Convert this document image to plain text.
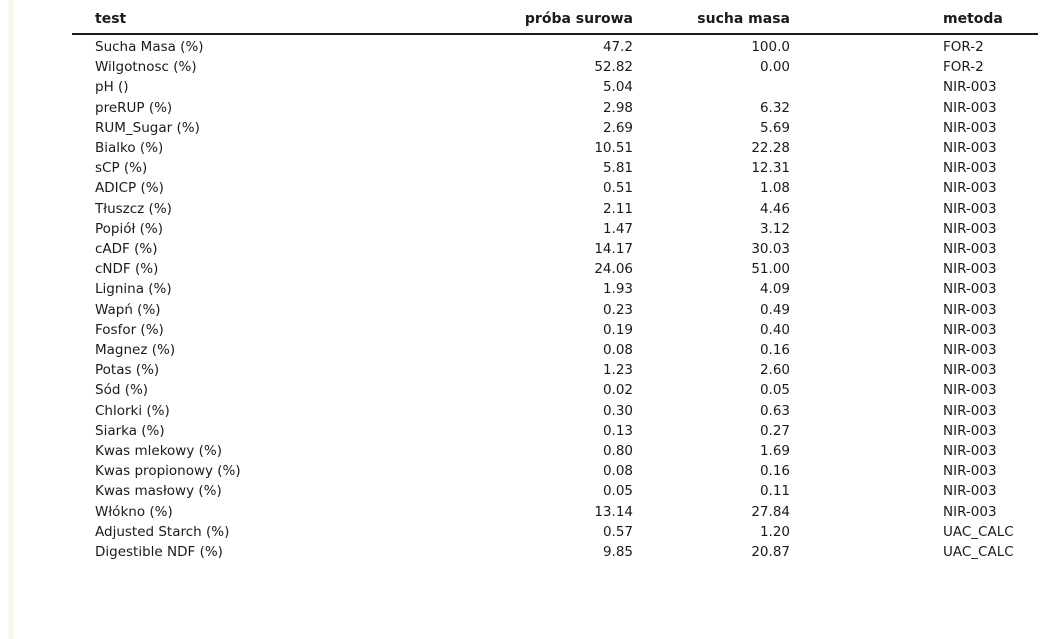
test	próba surowa	sucha masa	metoda
Sucha Masa (%)	47.2	100.0	FOR-2
Wilgotnosc (%)	52.82	0.00	FOR-2
pH ()	5.04		NIR-003
preRUP (%)	2.98	6.32	NIR-003
RUM_Sugar (%)	2.69	5.69	NIR-003
Bialko (%)	10.51	22.28	NIR-003
sCP (%)	5.81	12.31	NIR-003
ADICP (%)	0.51	1.08	NIR-003
Tłuszcz (%)	2.11	4.46	NIR-003
Popiół (%)	1.47	3.12	NIR-003
cADF (%)	14.17	30.03	NIR-003
cNDF (%)	24.06	51.00	NIR-003
Lignina (%)	1.93	4.09	NIR-003
Wapń (%)	0.23	0.49	NIR-003
Fosfor (%)	0.19	0.40	NIR-003
Magnez (%)	0.08	0.16	NIR-003
Potas (%)	1.23	2.60	NIR-003
Sód (%)	0.02	0.05	NIR-003
Chlorki (%)	0.30	0.63	NIR-003
Siarka (%)	0.13	0.27	NIR-003
Kwas mlekowy (%)	0.80	1.69	NIR-003
Kwas propionowy (%)	0.08	0.16	NIR-003
Kwas masłowy (%)	0.05	0.11	NIR-003
Włókno (%)	13.14	27.84	NIR-003
Adjusted Starch (%)	0.57	1.20	UAC_CALC
Digestible NDF (%)	9.85	20.87	UAC_CALC
